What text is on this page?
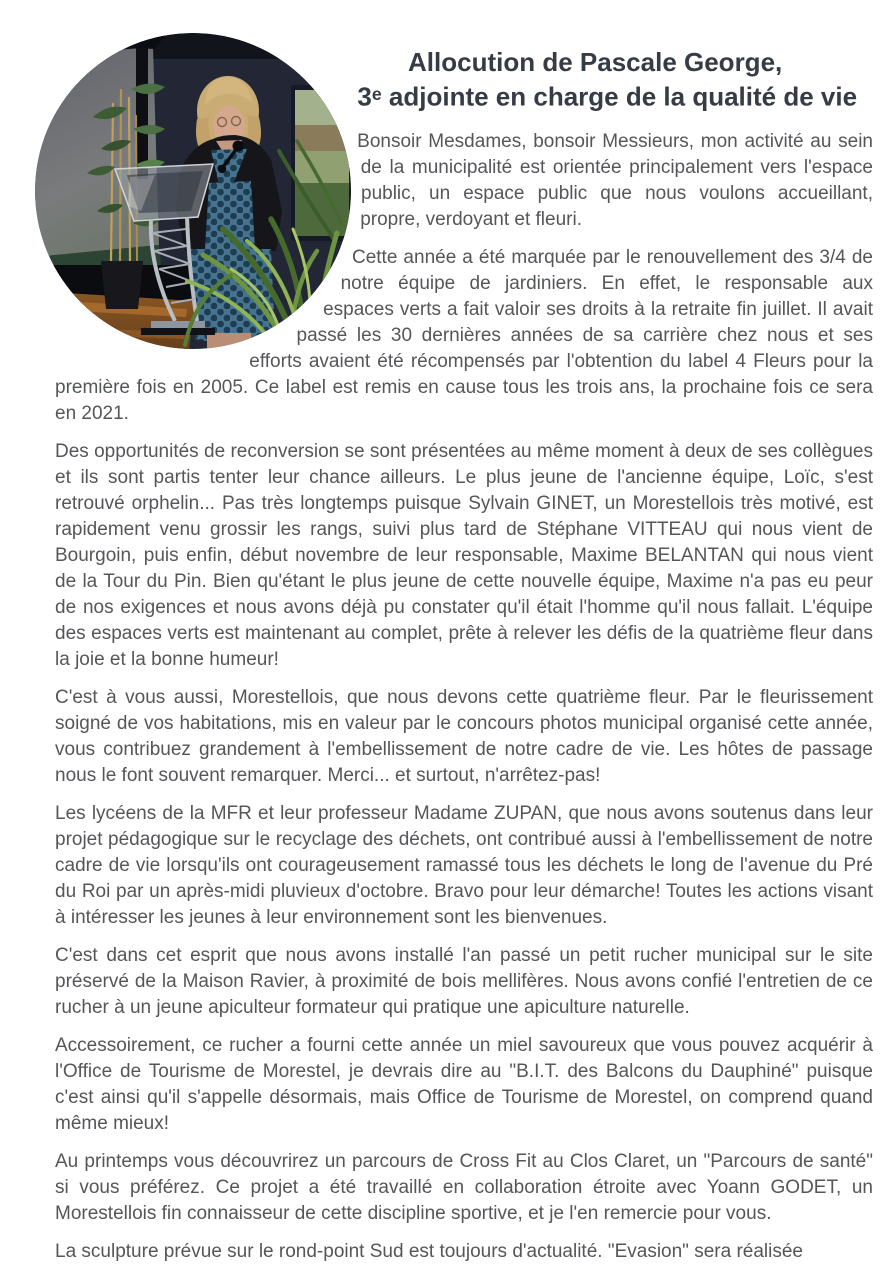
Allocution de Pascale George,
3e adjointe en charge de la qualité de vie

Bonsoir Mesdames, bonsoir Messieurs, mon activité au sein de la municipalité est orientée principalement vers l'espace public, un espace public que nous voulons accueillant, propre, verdoyant et fleuri.

Cette année a été marquée par le renouvellement des 3/4 de notre équipe de jardiniers. En effet, le responsable aux espaces verts a fait valoir ses droits à la retraite fin juillet. Il avait passé les 30 dernières années de sa carrière chez nous et ses efforts avaient été récompensés par l'obtention du label 4 Fleurs pour la première fois en 2005. Ce label est remis en cause tous les trois ans, la prochaine fois ce sera en 2021.

Des opportunités de reconversion se sont présentées au même moment à deux de ses collègues et ils sont partis tenter leur chance ailleurs. Le plus jeune de l'ancienne équipe, Loïc, s'est retrouvé orphelin... Pas très longtemps puisque Sylvain GINET, un Morestellois très motivé, est rapidement venu grossir les rangs, suivi plus tard de Stéphane VITTEAU qui nous vient de Bourgoin, puis enfin, début novembre de leur responsable, Maxime BELANTAN qui nous vient de la Tour du Pin. Bien qu'étant le plus jeune de cette nouvelle équipe, Maxime n'a pas eu peur de nos exigences et nous avons déjà pu constater qu'il était l'homme qu'il nous fallait. L'équipe des espaces verts est maintenant au complet, prête à relever les défis de la quatrième fleur dans la joie et la bonne humeur!

C'est à vous aussi, Morestellois, que nous devons cette quatrième fleur. Par le fleurissement soigné de vos habitations, mis en valeur par le concours photos municipal organisé cette année, vous contribuez grandement à l'embellissement de notre cadre de vie. Les hôtes de passage nous le font souvent remarquer. Merci... et surtout, n'arrêtez-pas!

Les lycéens de la MFR et leur professeur Madame ZUPAN, que nous avons soutenus dans leur projet pédagogique sur le recyclage des déchets, ont contribué aussi à l'embellissement de notre cadre de vie lorsqu'ils ont courageusement ramassé tous les déchets le long de l'avenue du Pré du Roi par un après-midi pluvieux d'octobre. Bravo pour leur démarche! Toutes les actions visant à intéresser les jeunes à leur environnement sont les bienvenues.

C'est dans cet esprit que nous avons installé l'an passé un petit rucher municipal sur le site préservé de la Maison Ravier, à proximité de bois mellifères. Nous avons confié l'entretien de ce rucher à un jeune apiculteur formateur qui pratique une apiculture naturelle.

Accessoirement, ce rucher a fourni cette année un miel savoureux que vous pouvez acquérir à l'Office de Tourisme de Morestel, je devrais dire au "B.I.T. des Balcons du Dauphiné" puisque c'est ainsi qu'il s'appelle désormais, mais Office de Tourisme de Morestel, on comprend quand même mieux!

Au printemps vous découvrirez un parcours de Cross Fit au Clos Claret, un "Parcours de santé" si vous préférez. Ce projet a été travaillé en collaboration étroite avec Yoann GODET, un Morestellois fin connaisseur de cette discipline sportive, et je l'en remercie pour vous.

La sculpture prévue sur le rond-point Sud est toujours d'actualité. "Evasion" sera réalisée
